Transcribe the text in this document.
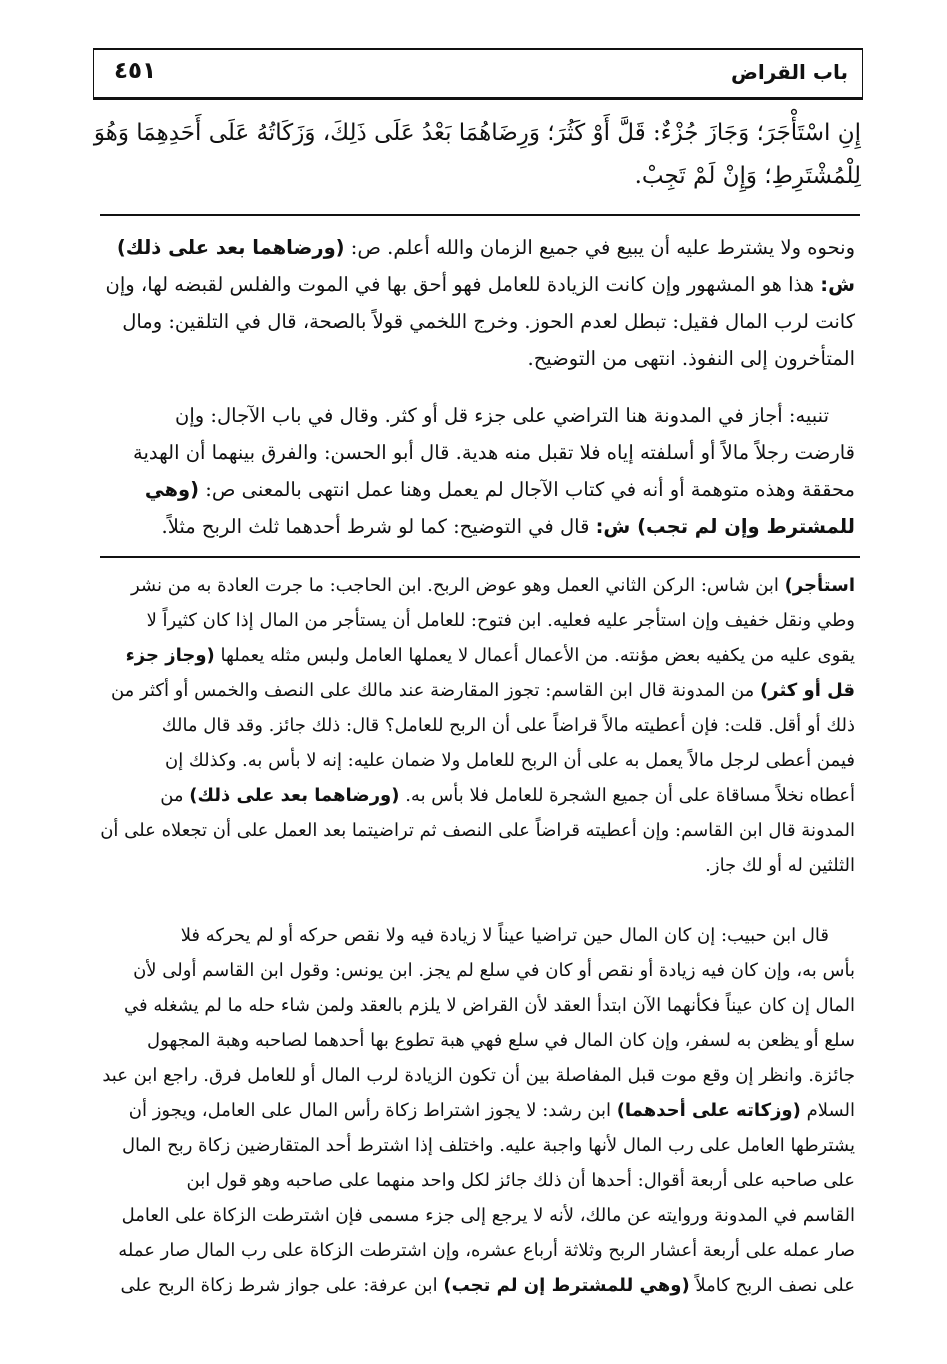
باب القراض
٤٥١
إِنِ اسْتَأْجَرَ؛ وَجَازَ جُزْءٌ: قَلَّ أَوْ كَثُرَ؛ وَرِضَاهُمَا بَعْدُ عَلَى ذَلِكَ، وَزَكَاتُهُ عَلَى أَحَدِهِمَا وَهُوَ
لِلْمُشْتَرِطِ؛ وَإِنْ لَمْ تَجِبْ.
ونحوه ولا يشترط عليه أن يبيع في جميع الزمان والله أعلم. ص: (ورضاهما بعد على ذلك)
ش: هذا هو المشهور وإن كانت الزيادة للعامل فهو أحق بها في الموت والفلس لقبضه لها، وإن
كانت لرب المال فقيل: تبطل لعدم الحوز. وخرج اللخمي قولاً بالصحة، قال في التلقين: ومال
المتأخرون إلى النفوذ. انتهى من التوضيح.
تنبيه: أجاز في المدونة هنا التراضي على جزء قل أو كثر. وقال في باب الآجال: وإن
قارضت رجلاً مالاً أو أسلفته إياه فلا تقبل منه هدية. قال أبو الحسن: والفرق بينهما أن الهدية
محققة وهذه متوهمة أو أنه في كتاب الآجال لم يعمل وهنا عمل انتهى بالمعنى ص: (وهي
للمشترط وإن لم تجب) ش: قال في التوضيح: كما لو شرط أحدهما ثلث الربح مثلاً.
استأجر) ابن شاس: الركن الثاني العمل وهو عوض الربح. ابن الحاجب: ما جرت العادة به من نشر
وطي ونقل خفيف وإن استأجر عليه فعليه. ابن فتوح: للعامل أن يستأجر من المال إذا كان كثيراً لا
يقوى عليه من يكفيه بعض مؤنته. من الأعمال أعمال لا يعملها العامل ولبس مثله يعملها (وجاز جزء
قل أو كثر) من المدونة قال ابن القاسم: تجوز المقارضة عند مالك على النصف والخمس أو أكثر من
ذلك أو أقل. قلت: فإن أعطيته مالاً قراضاً على أن الربح للعامل؟ قال: ذلك جائز. وقد قال مالك
فيمن أعطى لرجل مالاً يعمل به على أن الربح للعامل ولا ضمان عليه: إنه لا بأس به. وكذلك إن
أعطاه نخلاً مساقاة على أن جميع الشجرة للعامل فلا بأس به. (ورضاهما بعد على ذلك) من
المدونة قال ابن القاسم: وإن أعطيته قراضاً على النصف ثم تراضيتما بعد العمل على أن تجعلاه على أن
الثلثين له أو لك جاز.
قال ابن حبيب: إن كان المال حين تراضيا عيناً لا زيادة فيه ولا نقص حركه أو لم يحركه فلا
بأس به، وإن كان فيه زيادة أو نقص أو كان في سلع لم يجز. ابن يونس: وقول ابن القاسم أولى لأن
المال إن كان عيناً فكأنهما الآن ابتدأ العقد لأن القراض لا يلزم بالعقد ولمن شاء حله ما لم يشغله في
سلع أو يظعن به لسفر، وإن كان المال في سلع فهي هبة تطوع بها أحدهما لصاحبه وهبة المجهول
جائزة. وانظر إن وقع موت قبل المفاصلة بين أن تكون الزيادة لرب المال أو للعامل فرق. راجع ابن عبد
السلام (وزكاته على أحدهما) ابن رشد: لا يجوز اشتراط زكاة رأس المال على العامل، ويجوز أن
يشترطها العامل على رب المال لأنها واجبة عليه. واختلف إذا اشترط أحد المتقارضين زكاة ربح المال
على صاحبه على أربعة أقوال: أحدها أن ذلك جائز لكل واحد منهما على صاحبه وهو قول ابن
القاسم في المدونة وروايته عن مالك، لأنه لا يرجع إلى جزء مسمى فإن اشترطت الزكاة على العامل
صار عمله على أربعة أعشار الربح وثلاثة أرباع عشره، وإن اشترطت الزكاة على رب المال صار عمله
على نصف الربح كاملاً (وهي للمشترط إن لم تجب) ابن عرفة: على جواز شرط زكاة الربح على
